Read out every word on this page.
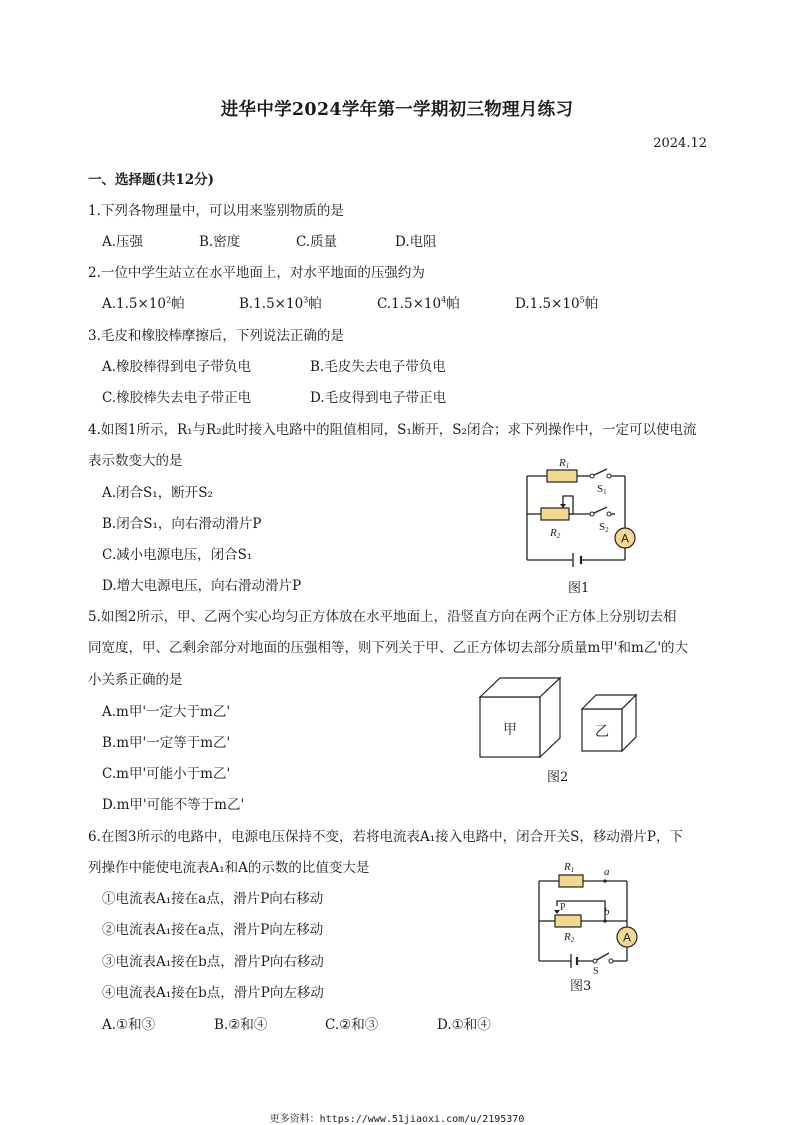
进华中学2024学年第一学期初三物理月练习
2024.12
一、选择题(共12分)
1.下列各物理量中，可以用来鉴别物质的是
A.压强	B.密度	C.质量	D.电阻
2.一位中学生站立在水平地面上，对水平地面的压强约为
$A.1.5\times 10^2$帕	$B.1.5\times 10^3$帕	$C.1.5\times 10^4$帕	$D.1.5\times 10^5$帕
3.毛皮和橡胶棒摩擦后，下列说法正确的是
A.橡胶棒得到电子带负电	B.毛皮失去电子带负电
C.橡胶棒失去电子带正电	D.毛皮得到电子带正电
4.如图1所示，R₁与R₂此时接入电路中的阻值相同，S₁断开，S₂闭合；求下列操作中，一定可以使电流
表示数变大的是
A.闭合S₁，断开S₂
B.闭合S₁，向右滑动滑片P
C.减小电源电压，闭合S₁
D.增大电源电压，向右滑动滑片P
A
R1
R2
S1
S2
图1
5.如图2所示，甲、乙两个实心均匀正方体放在水平地面上，沿竖直方向在两个正方体上分别切去相
同宽度，甲、乙剩余部分对地面的压强相等，则下列关于甲、乙正方体切去部分质量m甲'和m乙'的大
小关系正确的是
A.m甲'一定大于m乙'
B.m甲'一定等于m乙'
C.m甲'可能小于m乙'
D.m甲'可能不等于m乙'
甲	乙
图2
6.在图3所示的电路中，电源电压保持不变，若将电流表A₁接入电路中，闭合开关S，移动滑片P，下
列操作中能使电流表A₁和A的示数的比值变大是
①电流表A₁接在a点，滑片P向右移动
②电流表A₁接在a点，滑片P向左移动
③电流表A₁接在b点，滑片P向右移动
④电流表A₁接在b点，滑片P向左移动
A.①和③	B.②和④	C.②和③	D.①和④
A
R1
R2
P
a
b
S
图3
更多资料：https://www.51jiaoxi.com/u/2195370
